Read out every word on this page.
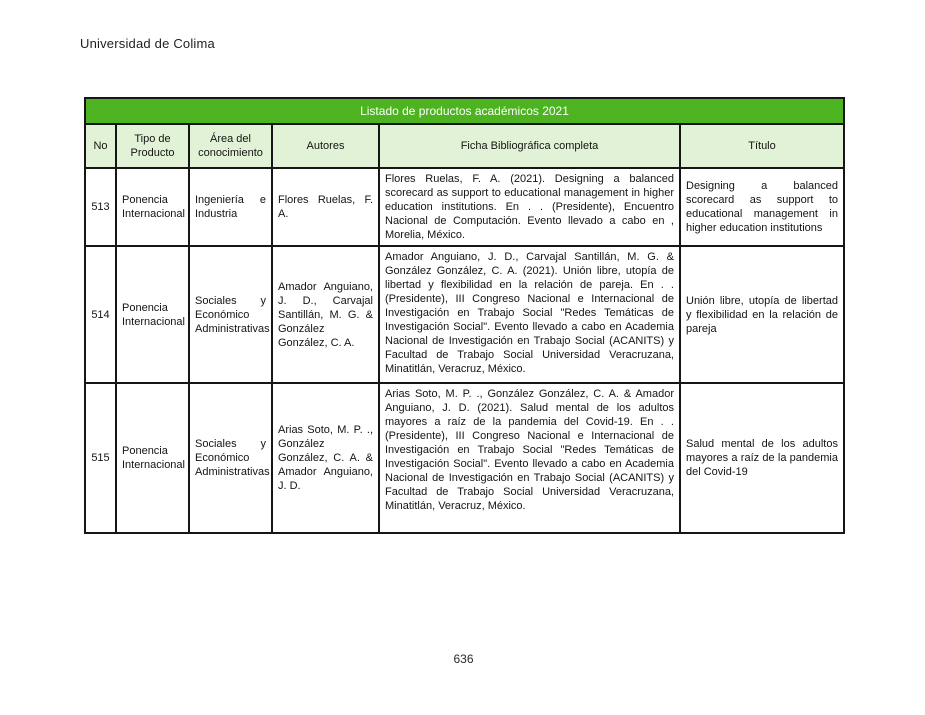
Universidad de Colima
Listado de productos académicos 2021					
No	Tipo de Producto	Área del conocimiento	Autores	Ficha Bibliográfica completa	Título
513	Ponencia Internacional	Ingeniería e Industria	Flores Ruelas, F. A.	Flores Ruelas, F. A. (2021). Designing a balanced scorecard as support to educational management in higher education institutions. En . . (Presidente), Encuentro Nacional de Computación. Evento llevado a cabo en , Morelia, México.	Designing a balanced scorecard as support to educational management in higher education institutions
514	Ponencia Internacional	Sociales y Económico Administrativas	Amador Anguiano, J. D., Carvajal Santillán, M. G. & González González, C. A.	Amador Anguiano, J. D., Carvajal Santillán, M. G. & González González, C. A. (2021). Unión libre, utopía de libertad y flexibilidad en la relación de pareja. En . . (Presidente), III Congreso Nacional e Internacional de Investigación en Trabajo Social "Redes Temáticas de Investigación Social". Evento llevado a cabo en Academia Nacional de Investigación en Trabajo Social (ACANITS) y Facultad de Trabajo Social Universidad Veracruzana, Minatitlán, Veracruz, México.	Unión libre, utopía de libertad y flexibilidad en la relación de pareja
515	Ponencia Internacional	Sociales y Económico Administrativas	Arias Soto, M. P. ., González González, C. A. & Amador Anguiano, J. D.	Arias Soto, M. P. ., González González, C. A. & Amador Anguiano, J. D. (2021). Salud mental de los adultos mayores a raíz de la pandemia del Covid-19. En . . (Presidente), III Congreso Nacional e Internacional de Investigación en Trabajo Social "Redes Temáticas de Investigación Social". Evento llevado a cabo en Academia Nacional de Investigación en Trabajo Social (ACANITS) y Facultad de Trabajo Social Universidad Veracruzana, Minatitlán, Veracruz, México.	Salud mental de los adultos mayores a raíz de la pandemia del Covid-19
636
